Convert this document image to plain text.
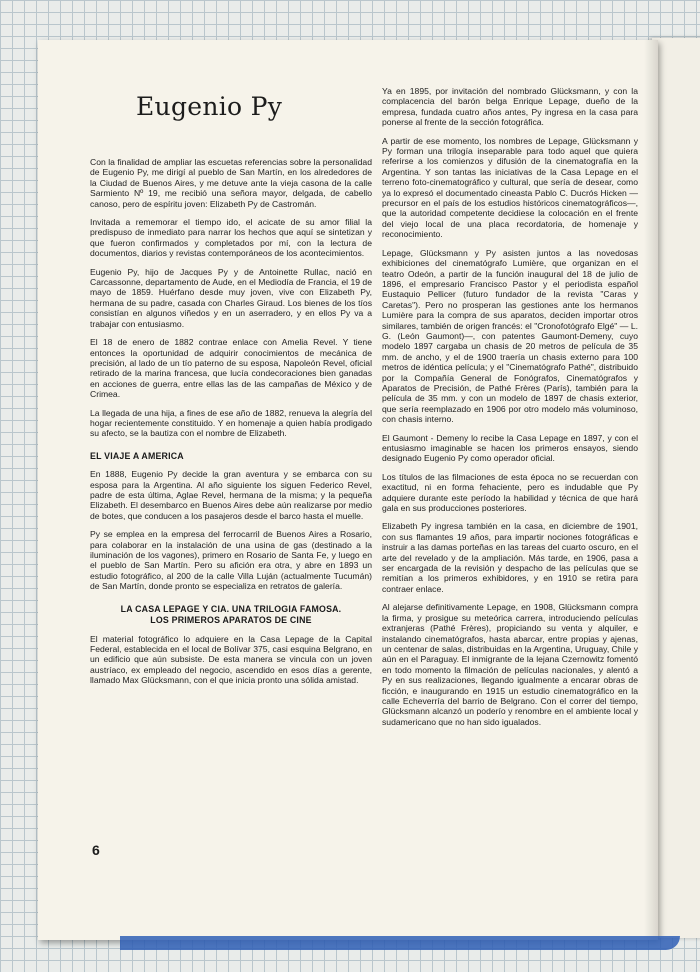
Eugenio Py

Con la finalidad de ampliar las escuetas referencias sobre la personalidad de Eugenio Py, me dirigí al pueblo de San Martín, en los alrededores de la Ciudad de Buenos Aires, y me detuve ante la vieja casona de la calle Sarmiento Nº 19, me recibió una señora mayor, delgada, de cabello canoso, pero de espíritu joven: Elizabeth Py de Castromán.

Invitada a rememorar el tiempo ido, el acicate de su amor filial la predispuso de inmediato para narrar los hechos que aquí se sintetizan y que fueron confirmados y completados por mí, con la lectura de documentos, diarios y revistas contemporáneos de los acontecimientos.

Eugenio Py, hijo de Jacques Py y de Antoinette Rullac, nació en Carcassonne, departamento de Aude, en el Mediodía de Francia, el 19 de mayo de 1859. Huérfano desde muy joven, vive con Elizabeth Py, hermana de su padre, casada con Charles Giraud. Los bienes de los tíos consistían en algunos viñedos y en un aserradero, y en ellos Py va a trabajar con entusiasmo.

El 18 de enero de 1882 contrae enlace con Amelia Revel. Y tiene entonces la oportunidad de adquirir conocimientos de mecánica de precisión, al lado de un tío paterno de su esposa, Napoleón Revel, oficial retirado de la marina francesa, que lucía condecoraciones bien ganadas en acciones de guerra, entre ellas las de las campañas de México y de Crimea.

La llegada de una hija, a fines de ese año de 1882, renueva la alegría del hogar recientemente constituido. Y en homenaje a quien había prodigado su afecto, se la bautiza con el nombre de Elizabeth.

EL VIAJE A AMERICA

En 1888, Eugenio Py decide la gran aventura y se embarca con su esposa para la Argentina. Al año siguiente los siguen Federico Revel, padre de esta última, Aglae Revel, hermana de la misma; y la pequeña Elizabeth. El desembarco en Buenos Aires debe aún realizarse por medio de botes, que conducen a los pasajeros desde el barco hasta el muelle.

Py se emplea en la empresa del ferrocarril de Buenos Aires a Rosario, para colaborar en la instalación de una usina de gas (destinado a la iluminación de los vagones), primero en Rosario de Santa Fe, y luego en el pueblo de San Martín. Pero su afición era otra, y abre en 1893 un estudio fotográfico, al 200 de la calle Villa Luján (actualmente Tucumán) de San Martín, donde pronto se especializa en retratos de galería.

LA CASA LEPAGE Y CIA. UNA TRILOGIA FAMOSA.
LOS PRIMEROS APARATOS DE CINE

El material fotográfico lo adquiere en la Casa Lepage de la Capital Federal, establecida en el local de Bolívar 375, casi esquina Belgrano, en un edificio que aún subsiste. De esta manera se vincula con un joven austríaco, ex empleado del negocio, ascendido en esos días a gerente, llamado Max Glücksmann, con el que inicia pronto una sólida amistad.

Ya en 1895, por invitación del nombrado Glücksmann, y con la complacencia del barón belga Enrique Lepage, dueño de la empresa, fundada cuatro años antes, Py ingresa en la casa para ponerse al frente de la sección fotográfica.

A partir de ese momento, los nombres de Lepage, Glücksmann y Py forman una trilogía inseparable para todo aquel que quiera referirse a los comienzos y difusión de la cinematografía en la Argentina. Y son tantas las iniciativas de la Casa Lepage en el terreno foto-cinematográfico y cultural, que sería de desear, como ya lo expresó el documentado cineasta Pablo C. Ducrós Hicken —precursor en el país de los estudios históricos cinematográficos—, que la autoridad competente decidiese la colocación en el frente del viejo local de una placa recordatoria, de homenaje y reconocimiento.

Lepage, Glücksmann y Py asisten juntos a las novedosas exhibiciones del cinematógrafo Lumière, que organizan en el teatro Odeón, a partir de la función inaugural del 18 de julio de 1896, el empresario Francisco Pastor y el periodista español Eustaquio Pellicer (futuro fundador de la revista "Caras y Caretas"). Pero no prosperan las gestiones ante los hermanos Lumière para la compra de sus aparatos, deciden importar otros similares, también de origen francés: el "Cronofotógrafo Elgé" — L. G. (León Gaumont)—, con patentes Gaumont-Demeny, cuyo modelo 1897 cargaba un chasis de 20 metros de película de 35 mm. de ancho, y el de 1900 traería un chasis externo para 100 metros de idéntica película; y el "Cinematógrafo Pathé", distribuido por la Compañía General de Fonógrafos, Cinematógrafos y Aparatos de Precisión, de Pathé Frères (París), también para la película de 35 mm. y con un modelo de 1897 de chasis exterior, que sería reemplazado en 1906 por otro modelo más voluminoso, con chasis interno.

El Gaumont - Demeny lo recibe la Casa Lepage en 1897, y con el entusiasmo imaginable se hacen los primeros ensayos, siendo designado Eugenio Py como operador oficial.

Los títulos de las filmaciones de esta época no se recuerdan con exactitud, ni en forma fehaciente, pero es indudable que Py adquiere durante este período la habilidad y técnica de que hará gala en sus producciones posteriores.

Elizabeth Py ingresa también en la casa, en diciembre de 1901, con sus flamantes 19 años, para impartir nociones fotográficas e instruir a las damas porteñas en las tareas del cuarto oscuro, en el arte del revelado y de la ampliación. Más tarde, en 1906, pasa a ser encargada de la revisión y despacho de las películas que se remitían a los primeros exhibidores, y en 1910 se retira para contraer enlace.

Al alejarse definitivamente Lepage, en 1908, Glücksmann compra la firma, y prosigue su meteórica carrera, introduciendo películas extranjeras (Pathé Frères), propiciando su venta y alquiler, e instalando cinematógrafos, hasta abarcar, entre propias y ajenas, un centenar de salas, distribuidas en la Argentina, Uruguay, Chile y aún en el Paraguay. El inmigrante de la lejana Czernowitz fomentó en todo momento la filmación de películas nacionales, y alentó a Py en sus realizaciones, llegando igualmente a encarar obras de ficción, e inaugurando en 1915 un estudio cinematográfico en la calle Echeverría del barrio de Belgrano. Con el correr del tiempo, Glücksmann alcanzó un poderío y renombre en el ambiente local y sudamericano que no han sido igualados.

6
